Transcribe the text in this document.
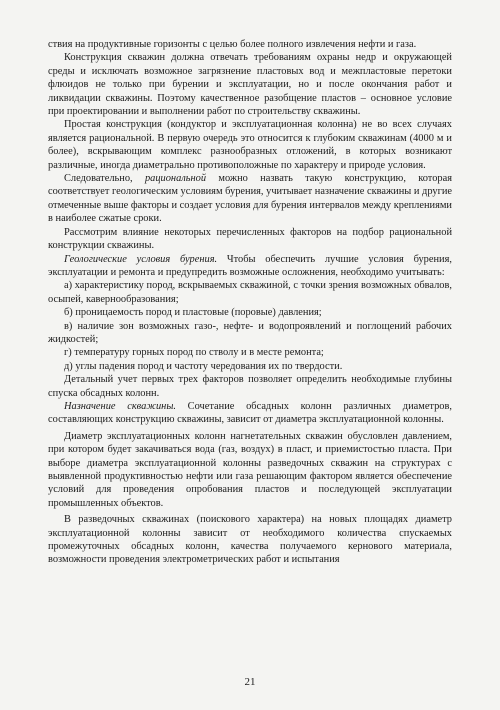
ствия на продуктивные горизонты с целью более полного извлечения нефти и газа.

Конструкция скважин должна отвечать требованиям охраны недр и окружающей среды и исключать возможное загрязнение пластовых вод и межпластовые перетоки флюидов не только при бурении и эксплуатации, но и после окончания работ и ликвидации скважины. Поэтому качественное разобщение пластов – основное условие при проектировании и выполнении работ по строительству скважины.

Простая конструкция (кондуктор и эксплуатационная колонна) не во всех случаях является рациональной. В первую очередь это относится к глубоким скважинам (4000 м и более), вскрывающим комплекс разнообразных отложений, в которых возникают различные, иногда диаметрально противоположные по характеру и природе условия.

Следовательно, рациональной можно назвать такую конструкцию, которая соответствует геологическим условиям бурения, учитывает назначение скважины и другие отмеченные выше факторы и создает условия для бурения интервалов между креплениями в наиболее сжатые сроки.

Рассмотрим влияние некоторых перечисленных факторов на подбор рациональной конструкции скважины.

Геологические условия бурения. Чтобы обеспечить лучшие условия бурения, эксплуатации и ремонта и предупредить возможные осложнения, необходимо учитывать:

а) характеристику пород, вскрываемых скважиной, с точки зрения возможных обвалов, осыпей, кавернообразования;

б) проницаемость пород и пластовые (поровые) давления;

в) наличие зон возможных газо-, нефте- и водопроявлений и поглощений рабочих жидкостей;

г) температуру горных пород по стволу и в месте ремонта;

д) углы падения пород и частоту чередования их по твердости.

Детальный учет первых трех факторов позволяет определить необходимые глубины спуска обсадных колонн.

Назначение скважины. Сочетание обсадных колонн различных диаметров, составляющих конструкцию скважины, зависит от диаметра эксплуатационной колонны.

Диаметр эксплуатационных колонн нагнетательных скважин обусловлен давлением, при котором будет закачиваться вода (газ, воздух) в пласт, и приемистостью пласта. При выборе диаметра эксплуатационной колонны разведочных скважин на структурах с выявленной продуктивностью нефти или газа решающим фактором является обеспечение условий для проведения опробования пластов и последующей эксплуатации промышленных объектов.

В разведочных скважинах (поискового характера) на новых площадях диаметр эксплуатационной колонны зависит от необходимого количества спускаемых промежуточных обсадных колонн, качества получаемого кернового материала, возможности проведения электрометрических работ и испытания

21
